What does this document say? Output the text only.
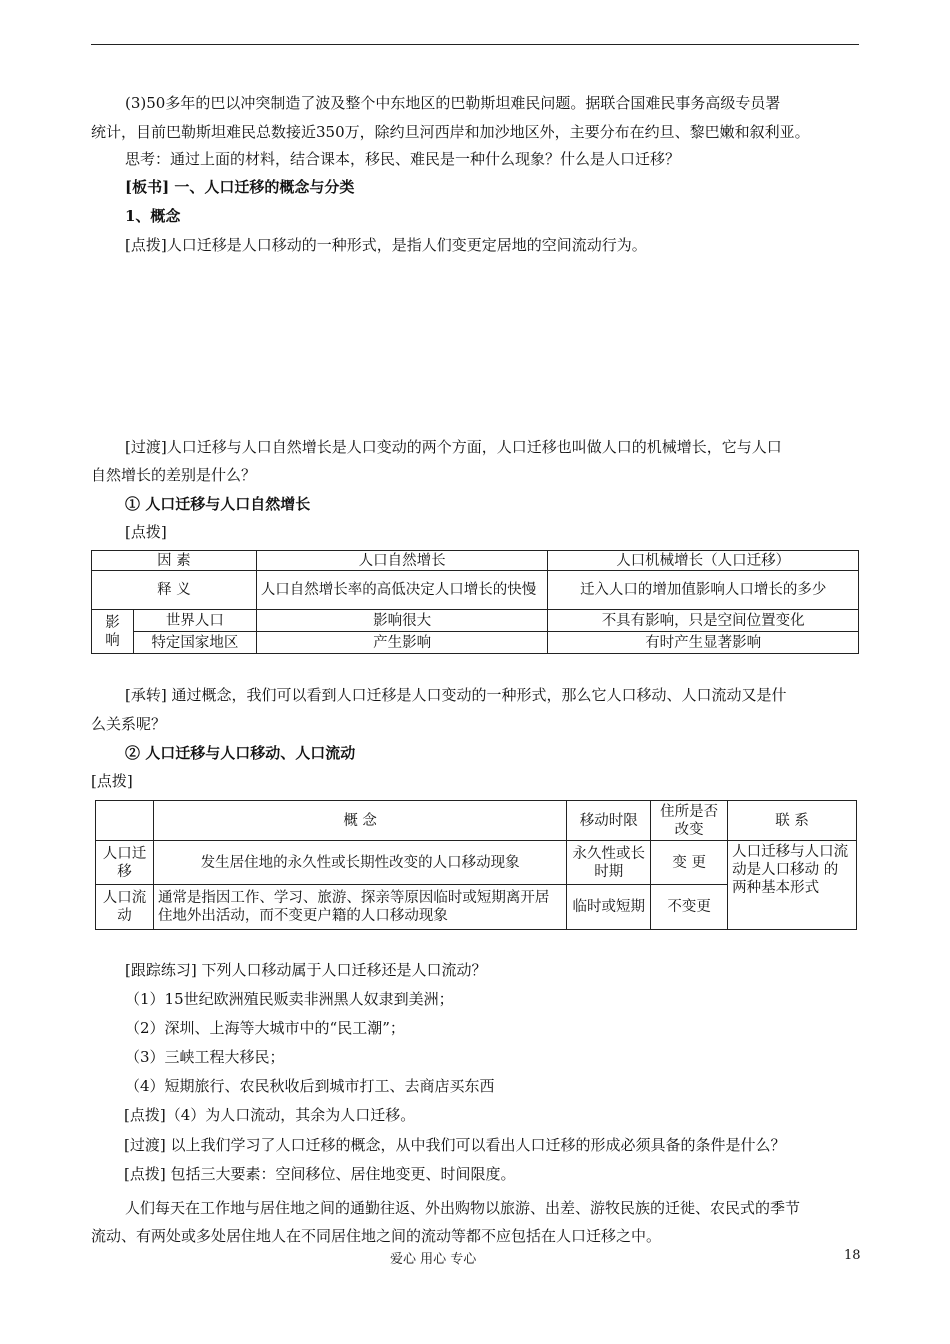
(3)50多年的巴以冲突制造了波及整个中东地区的巴勒斯坦难民问题。据联合国难民事务高级专员署
统计，目前巴勒斯坦难民总数接近350万，除约旦河西岸和加沙地区外，主要分布在约旦、黎巴嫩和叙利亚。
思考：通过上面的材料，结合课本，移民、难民是一种什么现象？什么是人口迁移？
[板书] 一、人口迁移的概念与分类
1、概念
[点拨]人口迁移是人口移动的一种形式，是指人们变更定居地的空间流动行为。
[过渡]人口迁移与人口自然增长是人口变动的两个方面，人口迁移也叫做人口的机械增长，它与人口
自然增长的差别是什么？
① 人口迁移与人口自然增长
[点拨]
因 素		人口自然增长	人口机械增长（人口迁移）
释 义		人口自然增长率的高低决定人口增长的快慢	迁入人口的增加值影响人口增长的多少
影
响	世界人口	影响很大	不具有影响，只是空间位置变化
	特定国家地区	产生影响	有时产生显著影响
[承转] 通过概念，我们可以看到人口迁移是人口变动的一种形式，那么它人口移动、人口流动又是什
么关系呢？
② 人口迁移与人口移动、人口流动
[点拨]
	概 念	移动时限	住所是否改变	联 系
人口迁移	发生居住地的永久性或长期性改变的人口移动现象	永久性或长时期	变 更	人口迁移与人口流动是人口移动 的两种基本形式
人口流动	通常是指因工作、学习、旅游、探亲等原因临时或短期离开居住地外出活动，而不变更户籍的人口移动现象	临时或短期	不变更	
[跟踪练习] 下列人口移动属于人口迁移还是人口流动？
（1）15世纪欧洲殖民贩卖非洲黑人奴隶到美洲；
（2）深圳、上海等大城市中的“民工潮”；
（3）三峡工程大移民；
（4）短期旅行、农民秋收后到城市打工、去商店买东西
[点拨]（4）为人口流动，其余为人口迁移。
[过渡] 以上我们学习了人口迁移的概念，从中我们可以看出人口迁移的形成必须具备的条件是什么？
[点拨] 包括三大要素：空间移位、居住地变更、时间限度。
人们每天在工作地与居住地之间的通勤往返、外出购物以旅游、出差、游牧民族的迁徙、农民式的季节
流动、有两处或多处居住地人在不同居住地之间的流动等都不应包括在人口迁移之中。
爱心 用心 专心	18
